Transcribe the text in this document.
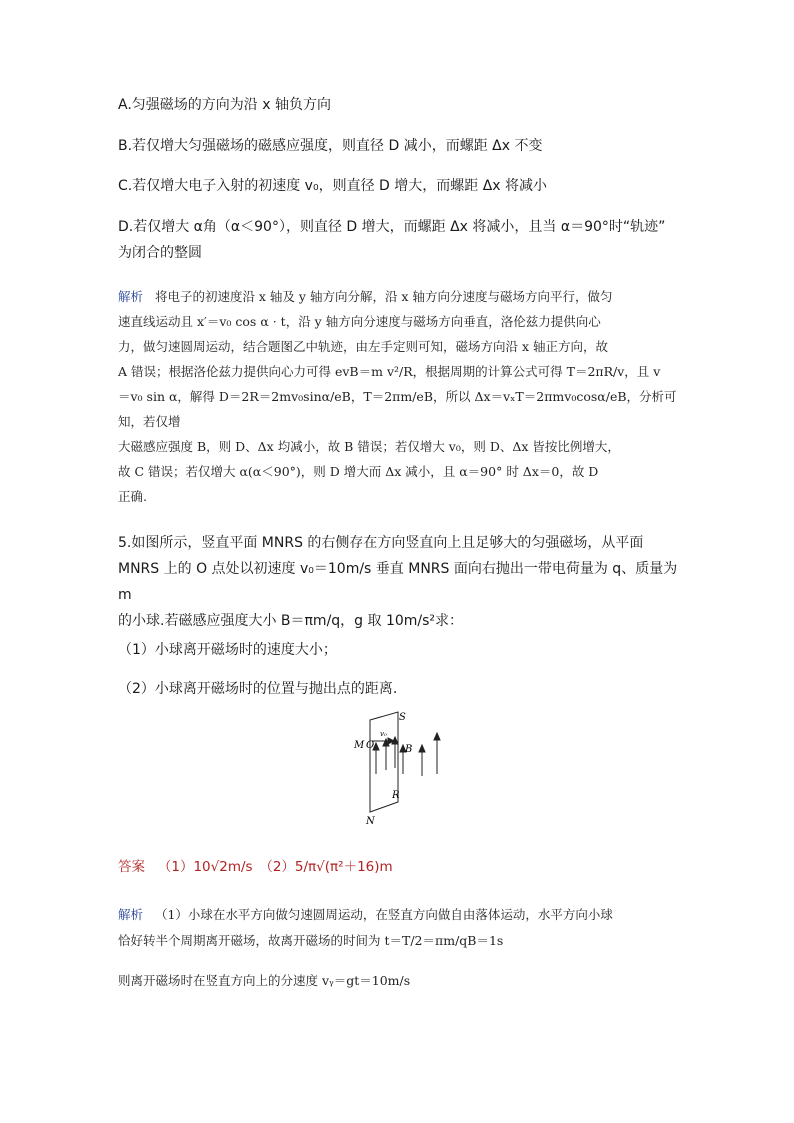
A.匀强磁场的方向为沿 x 轴负方向
B.若仅增大匀强磁场的磁感应强度，则直径 D 减小，而螺距 Δx 不变
C.若仅增大电子入射的初速度 v₀，则直径 D 增大，而螺距 Δx 将减小
D.若仅增大 α角（α＜90°），则直径 D 增大，而螺距 Δx 将减小，且当 α＝90°时“轨迹”
为闭合的整圆
解析 将电子的初速度沿 x 轴及 y 轴方向分解，沿 x 轴方向分速度与磁场方向平行，做匀
速直线运动且 x′＝v₀ cos α · t，沿 y 轴方向分速度与磁场方向垂直，洛伦兹力提供向心
力，做匀速圆周运动，结合题图乙中轨迹，由左手定则可知，磁场方向沿 x 轴正方向，故
A 错误；根据洛伦兹力提供向心力可得 evB＝m v²/R，根据周期的计算公式可得 T＝2πR/v，且 v
＝v₀ sin α，解得 D＝2R＝2mv₀sinα/eB，T＝2πm/eB，所以 Δx＝vₓT＝2πmv₀cosα/eB，分析可知，若仅增
大磁感应强度 B，则 D、Δx 均减小，故 B 错误；若仅增大 v₀，则 D、Δx 皆按比例增大，
故 C 错误；若仅增大 α(α＜90°)，则 D 增大而 Δx 减小，且 α＝90° 时 Δx＝0，故 D
正确.
5.如图所示，竖直平面 MNRS 的右侧存在方向竖直向上且足够大的匀强磁场，从平面
MNRS 上的 O 点处以初速度 v₀＝10m/s 垂直 MNRS 面向右抛出一带电荷量为 q、质量为 m
的小球.若磁感应强度大小 B＝πm/q，g 取 10m/s²求：
（1）小球离开磁场时的速度大小；
（2）小球离开磁场时的位置与抛出点的距离.
M O
v₀
S
B
R
N
答案 （1）10√2m/s　（2）5/π√(π²＋16)m
解析 （1）小球在水平方向做匀速圆周运动，在竖直方向做自由落体运动，水平方向小球
恰好转半个周期离开磁场，故离开磁场的时间为 t＝T/2＝πm/qB＝1s
则离开磁场时在竖直方向上的分速度 vᵧ＝gt＝10m/s
